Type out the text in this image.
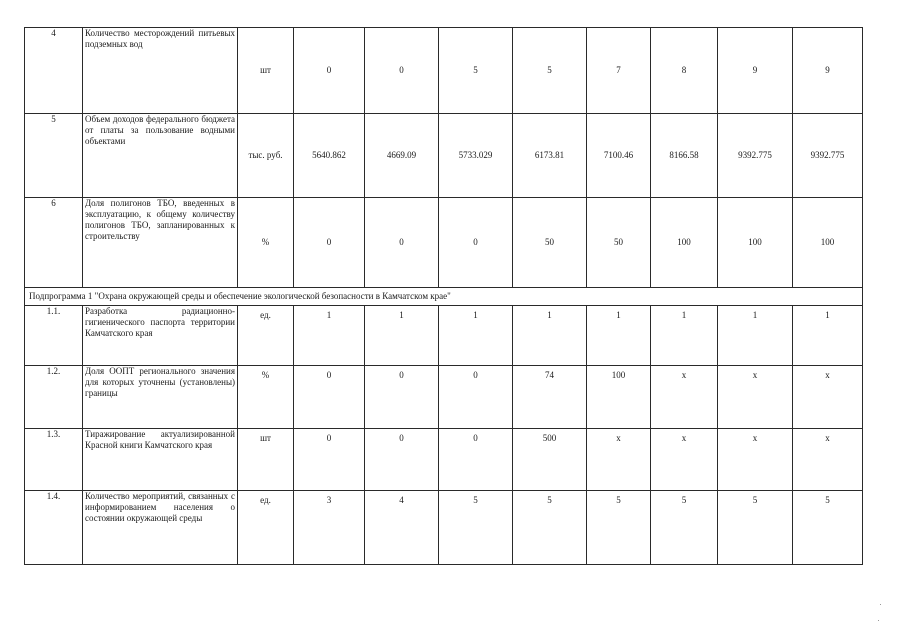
4	Количество месторождений питьевых подземных вод	шт	0	0	5	5	7	8	9	9
5	Объем доходов федерального бюджета от платы за пользование водными объектами	тыс. руб.	5640.862	4669.09	5733.029	6173.81	7100.46	8166.58	9392.775	9392.775
6	Доля полигонов ТБО, введенных в эксплуатацию, к общему количеству полигонов ТБО, запланированных к строительству	%	0	0	0	50	50	100	100	100
Подпрограмма 1 "Охрана окружающей среды и обеспечение экологической безопасности в Камчатском крае"										
1.1.	Разработка радиационно-гигиенического паспорта территории Камчатского края	ед.	1	1	1	1	1	1	1	1
1.2.	Доля ООПТ регионального значения для которых уточнены (установлены) границы	%	0	0	0	74	100	х	х	х
1.3.	Тиражирование актуализированной Красной книги Камчатского края	шт	0	0	0	500	х	х	х	х
1.4.	Количество мероприятий, связанных с информированием населения о состоянии окружающей среды	ед.	3	4	5	5	5	5	5	5
